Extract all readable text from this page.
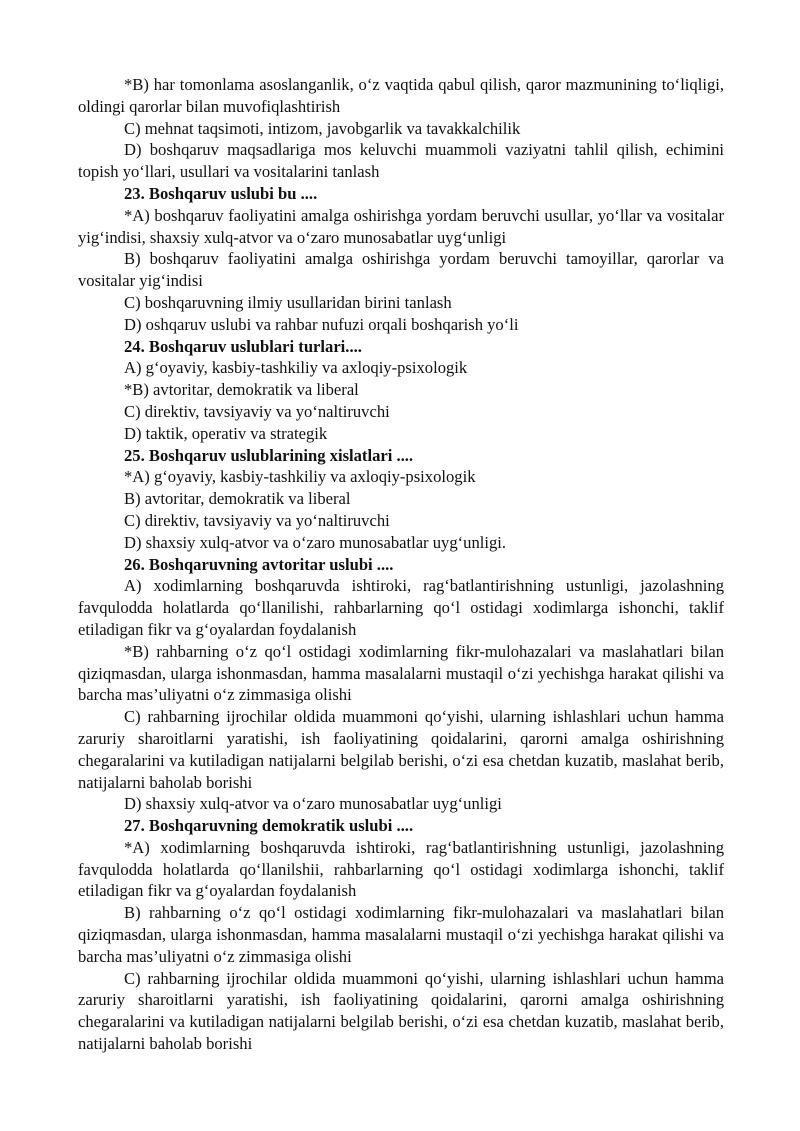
*B) har tomonlama asoslanganlik, o‘z vaqtida qabul qilish, qaror mazmunining to‘liqligi, oldingi qarorlar bilan muvofiqlashtirish

C) mehnat taqsimoti, intizom, javobgarlik va tavakkalchilik

D) boshqaruv maqsadlariga mos keluvchi muammoli vaziyatni tahlil qilish, echimini topish yo‘llari, usullari va vositalarini tanlash

23. Boshqaruv uslubi bu ....

*A) boshqaruv faoliyatini amalga oshirishga yordam beruvchi usullar, yo‘llar va vositalar yig‘indisi, shaxsiy xulq-atvor va o‘zaro munosabatlar uyg‘unligi

B) boshqaruv faoliyatini amalga oshirishga yordam beruvchi tamoyillar, qarorlar va vositalar yig‘indisi

C) boshqaruvning ilmiy usullaridan birini tanlash

D) oshqaruv uslubi va rahbar nufuzi orqali boshqarish yo‘li

24. Boshqaruv uslublari turlari....

A) g‘oyaviy, kasbiy-tashkiliy va axloqiy-psixologik

*B) avtoritar, demokratik va liberal

C) direktiv, tavsiyaviy va yo‘naltiruvchi

D) taktik, operativ va strategik

25. Boshqaruv uslublarining xislatlari ....

*A) g‘oyaviy, kasbiy-tashkiliy va axloqiy-psixologik

B) avtoritar, demokratik va liberal

C) direktiv, tavsiyaviy va yo‘naltiruvchi

D) shaxsiy xulq-atvor va o‘zaro munosabatlar uyg‘unligi.

26. Boshqaruvning avtoritar uslubi ....

A) xodimlarning boshqaruvda ishtiroki, rag‘batlantirishning ustunligi, jazolashning favqulodda holatlarda qo‘llanilishi, rahbarlarning qo‘l ostidagi xodimlarga ishonchi, taklif etiladigan fikr va g‘oyalardan foydalanish

*B) rahbarning o‘z qo‘l ostidagi xodimlarning fikr-mulohazalari va maslahatlari bilan qiziqmasdan, ularga ishonmasdan, hamma masalalarni mustaqil o‘zi yechishga harakat qilishi va barcha mas’uliyatni o‘z zimmasiga olishi

C) rahbarning ijrochilar oldida muammoni qo‘yishi, ularning ishlashlari uchun hamma zaruriy sharoitlarni yaratishi, ish faoliyatining qoidalarini, qarorni amalga oshirishning chegaralarini va kutiladigan natijalarni belgilab berishi, o‘zi esa chetdan kuzatib, maslahat berib, natijalarni baholab borishi

D) shaxsiy xulq-atvor va o‘zaro munosabatlar uyg‘unligi

27. Boshqaruvning demokratik uslubi ....

*A) xodimlarning boshqaruvda ishtiroki, rag‘batlantirishning ustunligi, jazolashning favqulodda holatlarda qo‘llanilshii, rahbarlarning qo‘l ostidagi xodimlarga ishonchi, taklif etiladigan fikr va g‘oyalardan foydalanish

B) rahbarning o‘z qo‘l ostidagi xodimlarning fikr-mulohazalari va maslahatlari bilan qiziqmasdan, ularga ishonmasdan, hamma masalalarni mustaqil o‘zi yechishga harakat qilishi va barcha mas’uliyatni o‘z zimmasiga olishi

C) rahbarning ijrochilar oldida muammoni qo‘yishi, ularning ishlashlari uchun hamma zaruriy sharoitlarni yaratishi, ish faoliyatining qoidalarini, qarorni amalga oshirishning chegaralarini va kutiladigan natijalarni belgilab berishi, o‘zi esa chetdan kuzatib, maslahat berib, natijalarni baholab borishi
